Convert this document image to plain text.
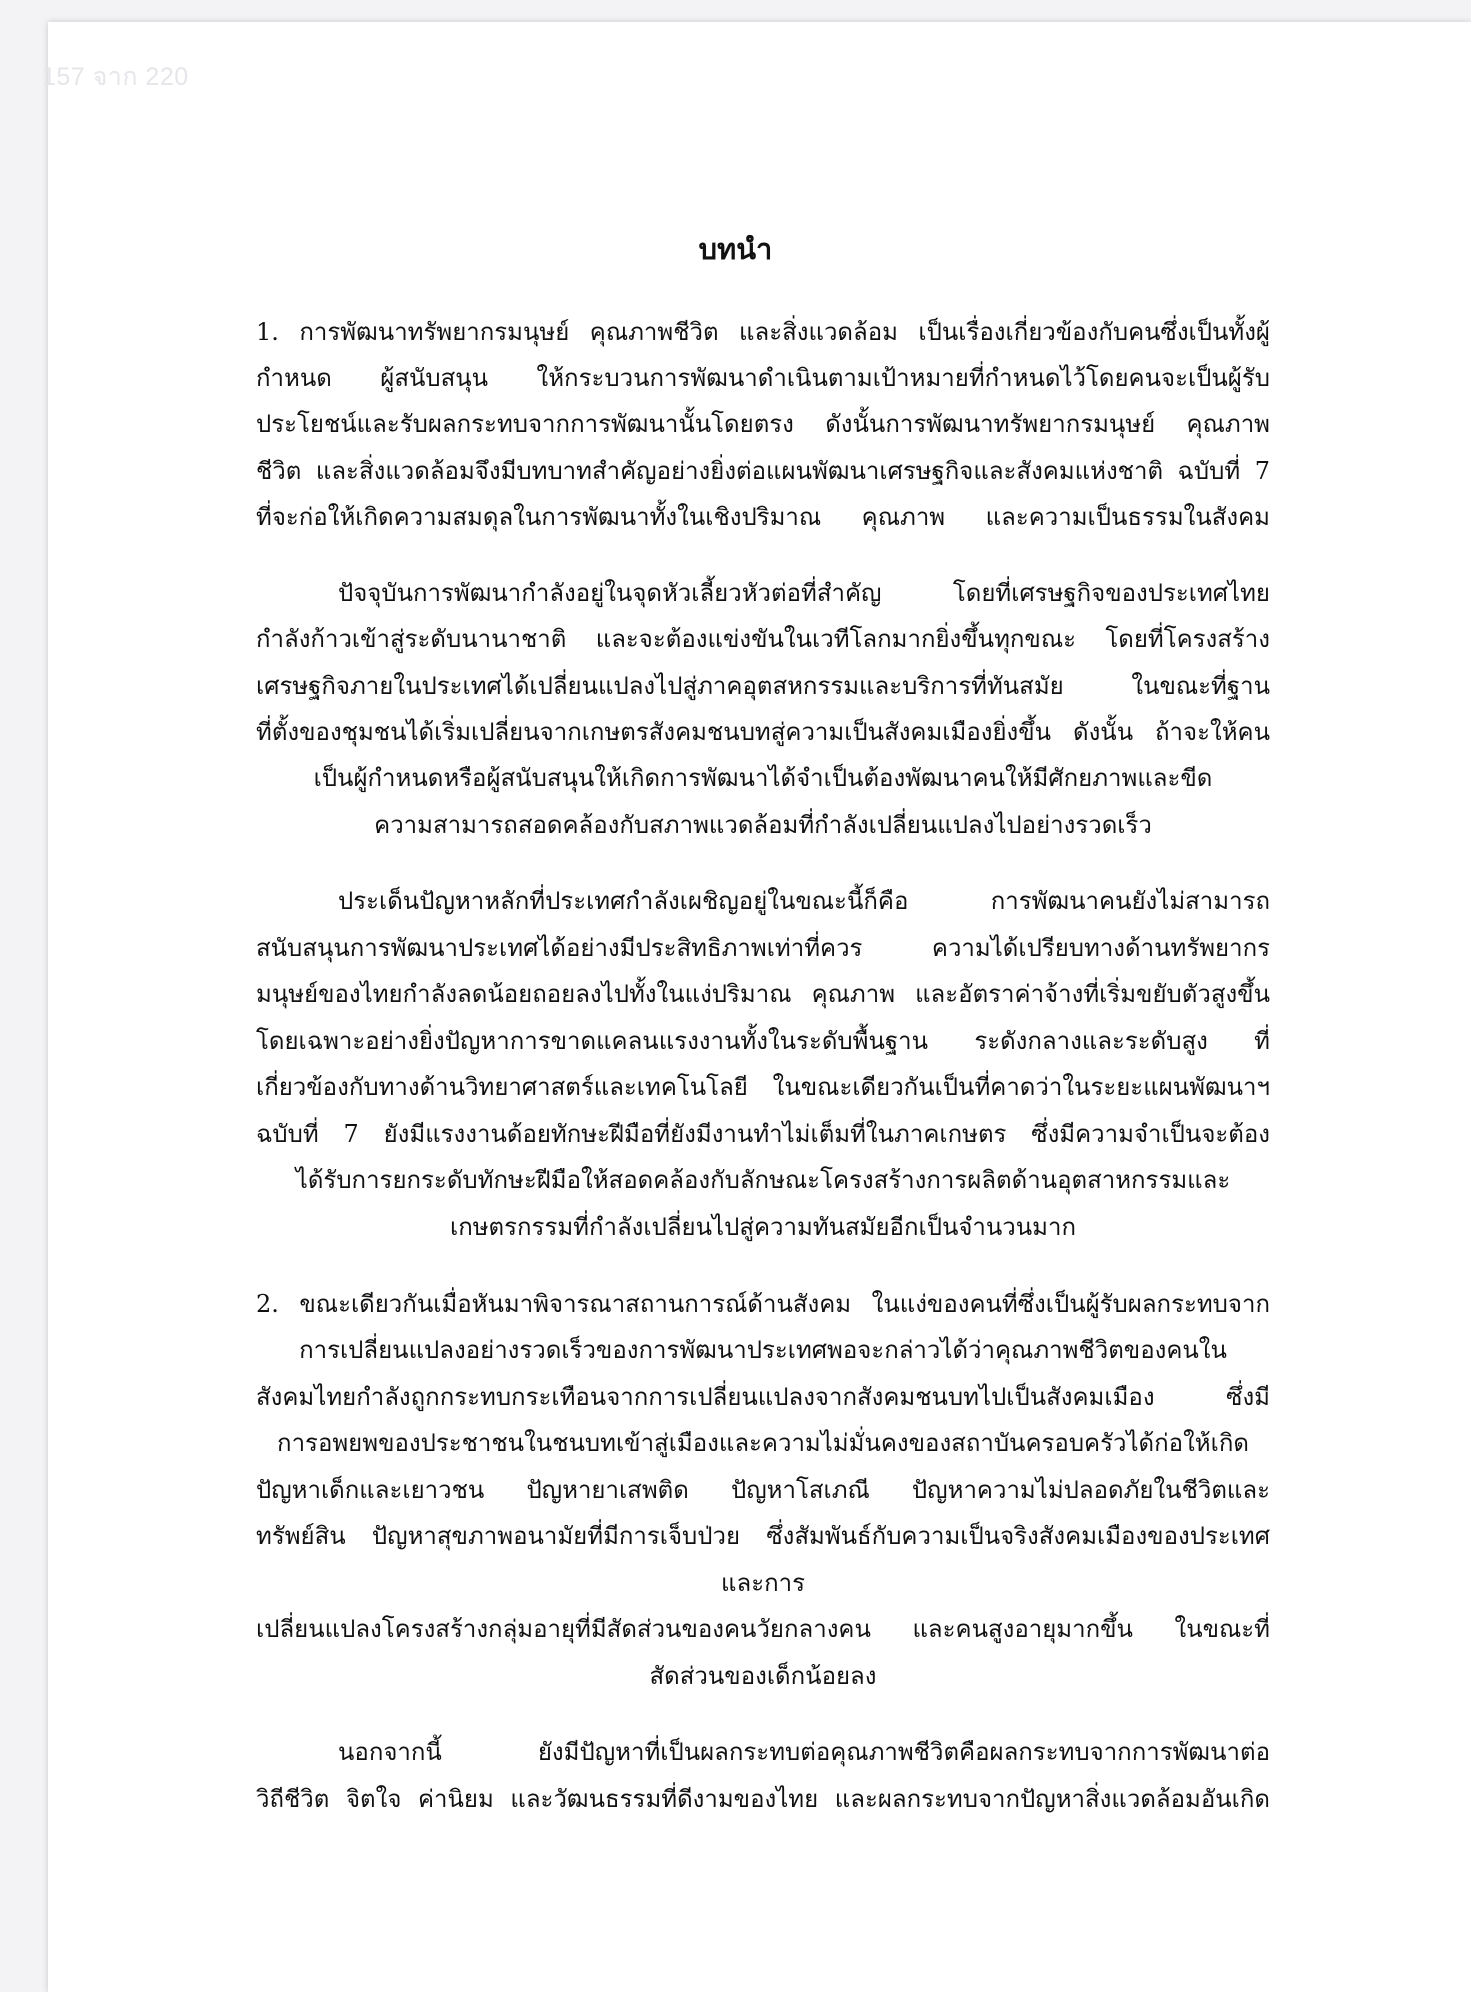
157 จาก 220
บทนำ
1. การพัฒนาทรัพยากรมนุษย์ คุณภาพชีวิต และสิ่งแวดล้อม เป็นเรื่องเกี่ยวข้องกับคนซึ่งเป็นทั้งผู้
กำหนด ผู้สนับสนุน ให้กระบวนการพัฒนาดำเนินตามเป้าหมายที่กำหนดไว้โดยคนจะเป็นผู้รับ
ประโยชน์และรับผลกระทบจากการพัฒนานั้นโดยตรง ดังนั้นการพัฒนาทรัพยากรมนุษย์ คุณภาพ
ชีวิต และสิ่งแวดล้อมจึงมีบทบาทสำคัญอย่างยิ่งต่อแผนพัฒนาเศรษฐกิจและสังคมแห่งชาติ ฉบับที่ 7
ที่จะก่อให้เกิดความสมดุลในการพัฒนาทั้งในเชิงปริมาณ คุณภาพ และความเป็นธรรมในสังคม
ปัจจุบันการพัฒนากำลังอยู่ในจุดหัวเลี้ยวหัวต่อที่สำคัญ โดยที่เศรษฐกิจของประเทศไทย
กำลังก้าวเข้าสู่ระดับนานาชาติ และจะต้องแข่งขันในเวทีโลกมากยิ่งขึ้นทุกขณะ โดยที่โครงสร้าง
เศรษฐกิจภายในประเทศได้เปลี่ยนแปลงไปสู่ภาคอุตสหกรรมและบริการที่ทันสมัย ในขณะที่ฐาน
ที่ตั้งของชุมชนได้เริ่มเปลี่ยนจากเกษตรสังคมชนบทสู่ความเป็นสังคมเมืองยิ่งขึ้น ดังนั้น ถ้าจะให้คน
เป็นผู้กำหนดหรือผู้สนับสนุนให้เกิดการพัฒนาได้จำเป็นต้องพัฒนาคนให้มีศักยภาพและขีด
ความสามารถสอดคล้องกับสภาพแวดล้อมที่กำลังเปลี่ยนแปลงไปอย่างรวดเร็ว
ประเด็นปัญหาหลักที่ประเทศกำลังเผชิญอยู่ในขณะนี้ก็คือ การพัฒนาคนยังไม่สามารถ
สนับสนุนการพัฒนาประเทศได้อย่างมีประสิทธิภาพเท่าที่ควร ความได้เปรียบทางด้านทรัพยากร
มนุษย์ของไทยกำลังลดน้อยถอยลงไปทั้งในแง่ปริมาณ คุณภาพ และอัตราค่าจ้างที่เริ่มขยับตัวสูงขึ้น
โดยเฉพาะอย่างยิ่งปัญหาการขาดแคลนแรงงานทั้งในระดับพื้นฐาน ระดังกลางและระดับสูง ที่
เกี่ยวข้องกับทางด้านวิทยาศาสตร์และเทคโนโลยี ในขณะเดียวกันเป็นที่คาดว่าในระยะแผนพัฒนาฯ
ฉบับที่ 7 ยังมีแรงงานด้อยทักษะฝีมือที่ยังมีงานทำไม่เต็มที่ในภาคเกษตร ซึ่งมีความจำเป็นจะต้อง
ได้รับการยกระดับทักษะฝีมือให้สอดคล้องกับลักษณะโครงสร้างการผลิตด้านอุตสาหกรรมและ
เกษตรกรรมที่กำลังเปลี่ยนไปสู่ความทันสมัยอีกเป็นจำนวนมาก
2. ขณะเดียวกันเมื่อหันมาพิจารณาสถานการณ์ด้านสังคม ในแง่ของคนที่ซึ่งเป็นผู้รับผลกระทบจาก
การเปลี่ยนแปลงอย่างรวดเร็วของการพัฒนาประเทศพอจะกล่าวได้ว่าคุณภาพชีวิตของคนใน
สังคมไทยกำลังถูกกระทบกระเทือนจากการเปลี่ยนแปลงจากสังคมชนบทไปเป็นสังคมเมือง ซึ่งมี
การอพยพของประชาชนในชนบทเข้าสู่เมืองและความไม่มั่นคงของสถาบันครอบครัวได้ก่อให้เกิด
ปัญหาเด็กและเยาวชน ปัญหายาเสพติด ปัญหาโสเภณี ปัญหาความไม่ปลอดภัยในชีวิตและ
ทรัพย์สิน ปัญหาสุขภาพอนามัยที่มีการเจ็บป่วย ซึ่งสัมพันธ์กับความเป็นจริงสังคมเมืองของประเทศ
และการ
เปลี่ยนแปลงโครงสร้างกลุ่มอายุที่มีสัดส่วนของคนวัยกลางคน และคนสูงอายุมากขึ้น ในขณะที่
สัดส่วนของเด็กน้อยลง
นอกจากนี้ ยังมีปัญหาที่เป็นผลกระทบต่อคุณภาพชีวิตคือผลกระทบจากการพัฒนาต่อ
วิถีชีวิต จิตใจ ค่านิยม และวัฒนธรรมที่ดีงามของไทย และผลกระทบจากปัญหาสิ่งแวดล้อมอันเกิด
